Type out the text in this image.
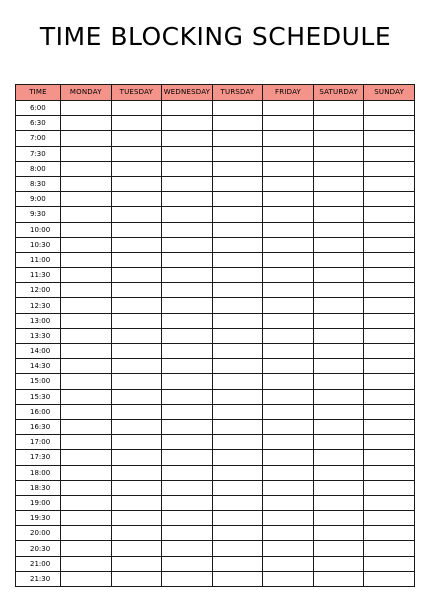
TIME BLOCKING SCHEDULE
TIME	MONDAY	TUESDAY	WEDNESDAY	TURSDAY	FRIDAY	SATURDAY	SUNDAY
6:00							
6:30							
7:00							
7:30							
8:00							
8:30							
9:00							
9:30							
10:00							
10:30							
11:00							
11:30							
12:00							
12:30							
13:00							
13:30							
14:00							
14:30							
15:00							
15:30							
16:00							
16:30							
17:00							
17:30							
18:00							
18:30							
19:00							
19:30							
20:00							
20:30							
21:00							
21:30							
